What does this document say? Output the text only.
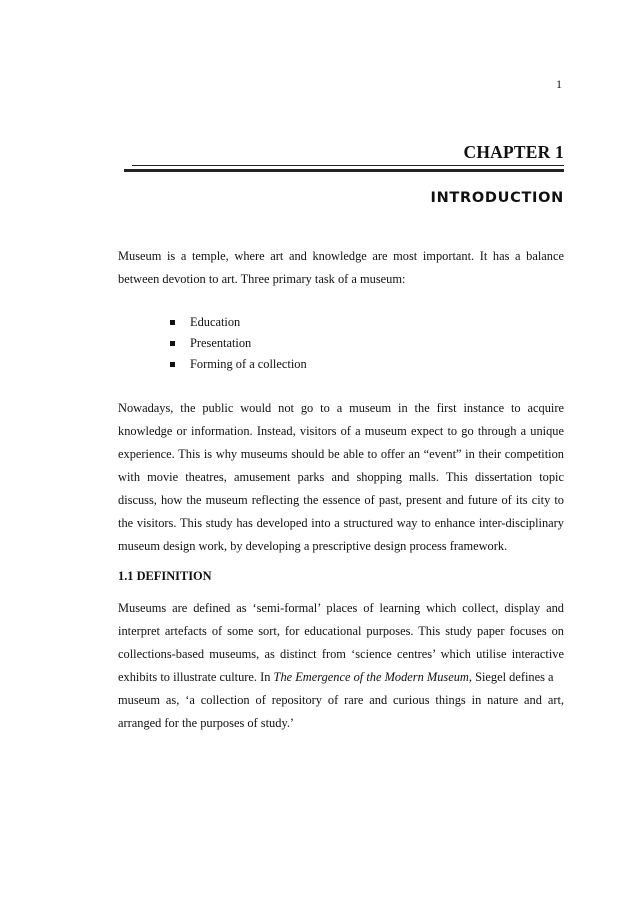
1
CHAPTER 1
INTRODUCTION

Museum is a temple, where art and knowledge are most important. It has a balance
between devotion to art. Three primary task of a museum:

Education
Presentation
Forming of a collection

Nowadays, the public would not go to a museum in the first instance to acquire
knowledge or information. Instead, visitors of a museum expect to go through a unique
experience. This is why museums should be able to offer an “event” in their competition
with movie theatres, amusement parks and shopping malls. This dissertation topic
discuss, how the museum reflecting the essence of past, present and future of its city to
the visitors. This study has developed into a structured way to enhance inter-disciplinary
museum design work, by developing a prescriptive design process framework.

1.1 DEFINITION

Museums are defined as ‘semi-formal’ places of learning which collect, display and
interpret artefacts of some sort, for educational purposes. This study paper focuses on
collections-based museums, as distinct from ‘science centres’ which utilise interactive
exhibits to illustrate culture. In The Emergence of the Modern Museum, Siegel defines a
museum as, ‘a collection of repository of rare and curious things in nature and art,
arranged for the purposes of study.’
